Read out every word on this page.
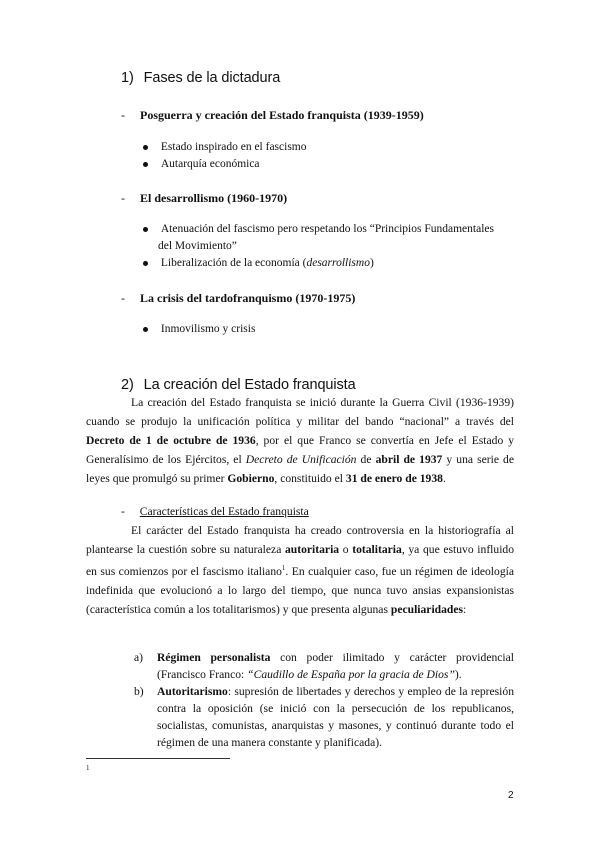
1) Fases de la dictadura
- Posguerra y creación del Estado franquista (1939-1959)
Estado inspirado en el fascismo
Autarquía económica
- El desarrollismo (1960-1970)
Atenuación del fascismo pero respetando los “Principios Fundamentales
del Movimiento”
Liberalización de la economía (desarrollismo)
- La crisis del tardofranquismo (1970-1975)
Inmovilismo y crisis
2) La creación del Estado franquista
La creación del Estado franquista se inició durante la Guerra Civil (1936-1939) cuando se produjo la unificación política y militar del bando “nacional” a través del Decreto de 1 de octubre de 1936, por el que Franco se convertía en Jefe el Estado y Generalísimo de los Ejércitos, el Decreto de Unificación de abril de 1937 y una serie de leyes que promulgó su primer Gobierno, constituido el 31 de enero de 1938.
- Características del Estado franquista
El carácter del Estado franquista ha creado controversia en la historiografía al plantearse la cuestión sobre su naturaleza autoritaria o totalitaria, ya que estuvo influido en sus comienzos por el fascismo italiano$^1$. En cualquier caso, fue un régimen de ideología indefinida que evolucionó a lo largo del tiempo, que nunca tuvo ansias expansionistas (característica común a los totalitarismos) y que presenta algunas peculiaridades:
a) Régimen personalista con poder ilimitado y carácter providencial (Francisco Franco: “Caudillo de España por la gracia de Dios”).
b) Autoritarismo: supresión de libertades y derechos y empleo de la represión contra la oposición (se inició con la persecución de los republicanos, socialistas, comunistas, anarquistas y masones, y continuó durante todo el régimen de una manera constante y planificada).
1
2
